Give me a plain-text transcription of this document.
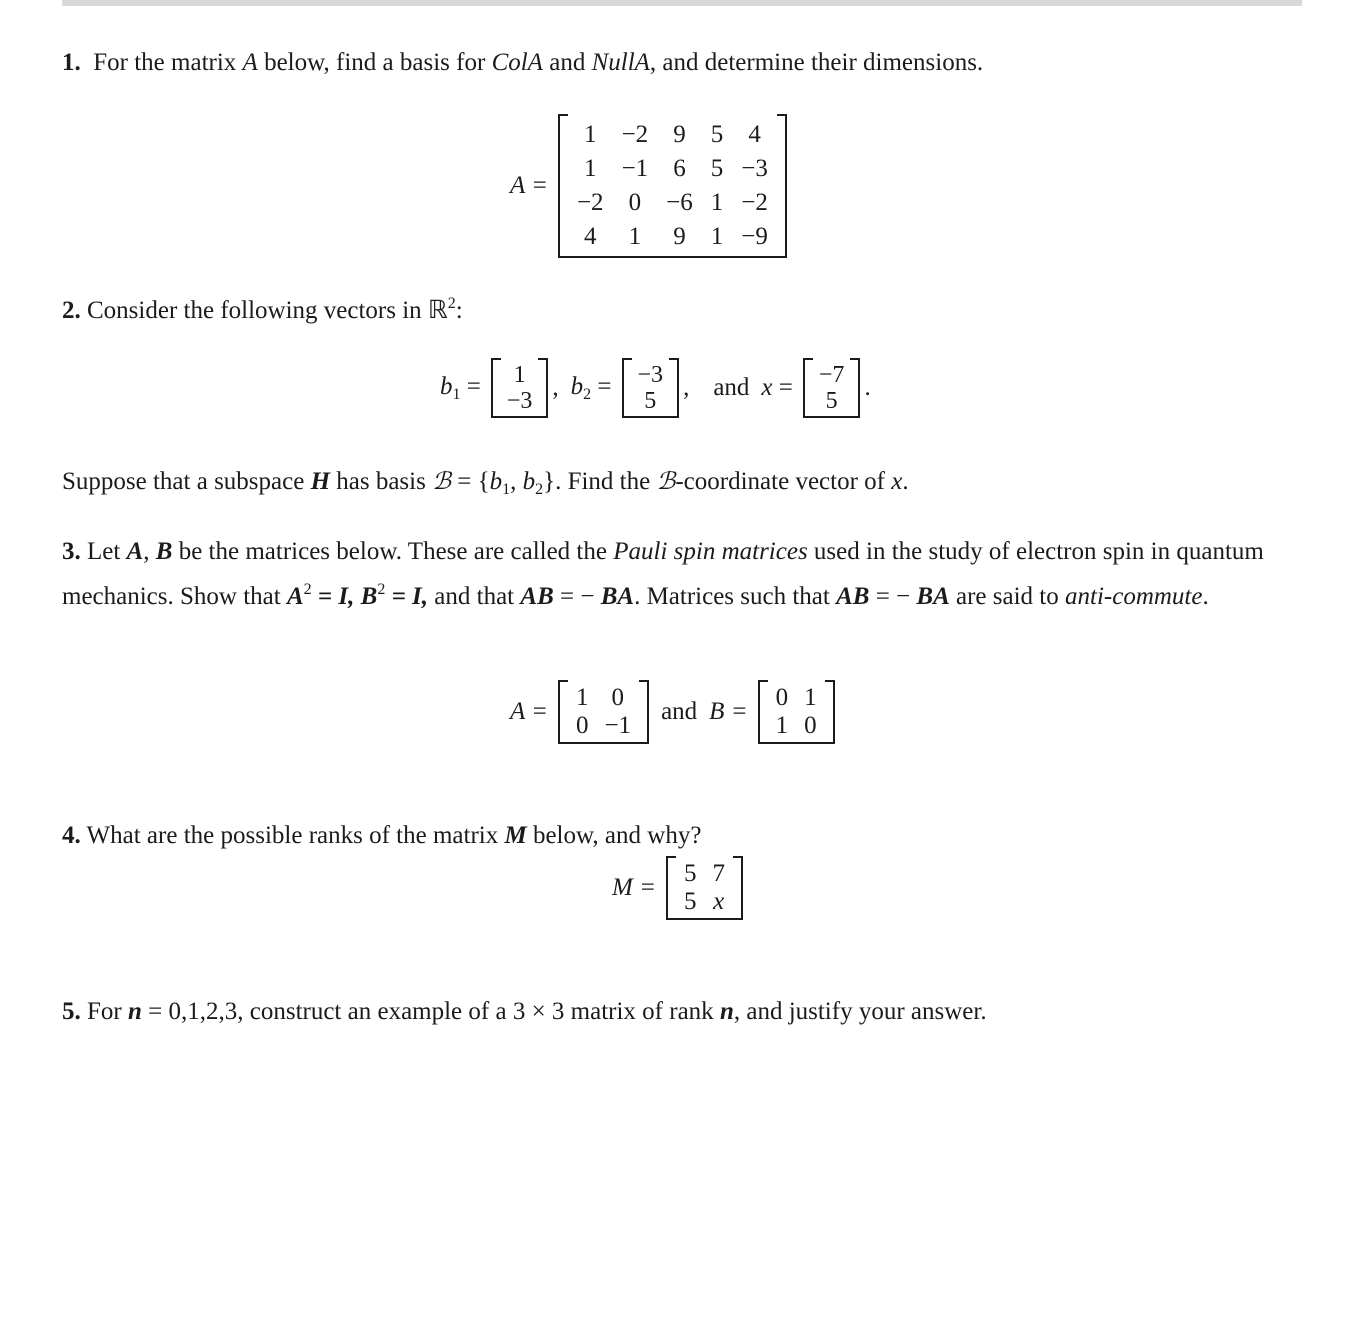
1. For the matrix A below, find a basis for ColA and NullA, and determine their dimensions.

A =
1	−2	9	5	4
1	−1	6	5	−3
−2	0	−6	1	−2
4	1	9	1	−9

2. Consider the following vectors in ℝ$^2$:

$b_1 = 1$
−3 , $b_2 = -3$
5 , and x = −7
5 .

Suppose that a subspace H has basis ℬ = {$b_1$, $b_2$}. Find the ℬ-coordinate vector of x.

3. Let A, B be the matrices below. These are called the Pauli spin matrices used in the study of electron spin in quantum mechanics. Show that $A^2 = I$, $B^2 = I$, and that AB = − BA. Matrices such that AB = − BA are said to anti-commute.

A =
1	0
0	−1
and B =
0	1
1	0

4. What are the possible ranks of the matrix M below, and why?

M =
5	7
5	x

5. For n = 0,1,2,3, construct an example of a 3 × 3 matrix of rank n, and justify your answer.
